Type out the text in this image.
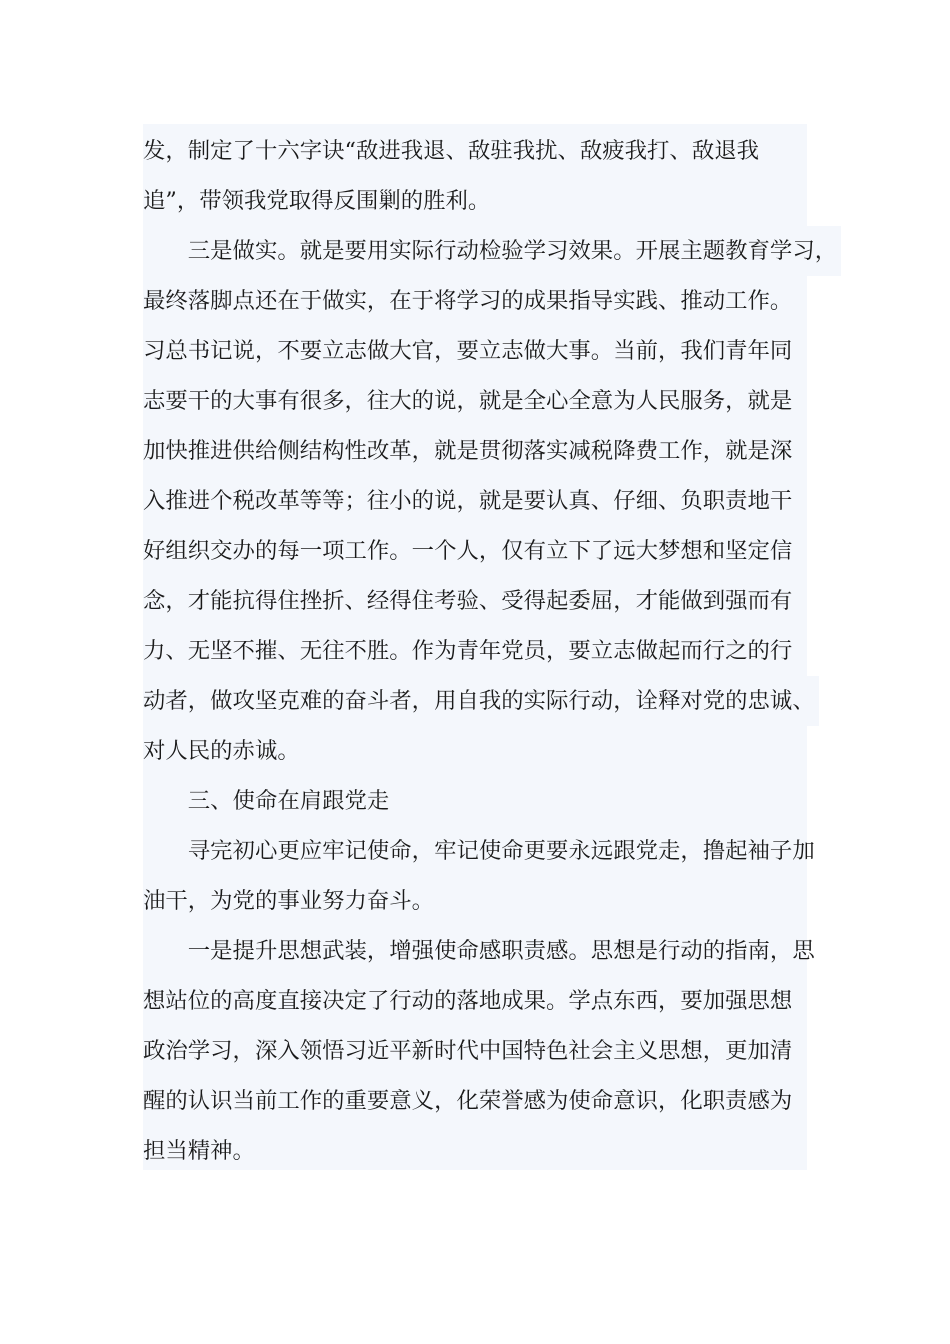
发，制定了十六字诀“敌进我退、敌驻我扰、敌疲我打、敌退我
追”，带领我党取得反围剿的胜利。
　　三是做实。就是要用实际行动检验学习效果。开展主题教育学习，
最终落脚点还在于做实，在于将学习的成果指导实践、推动工作。
习总书记说，不要立志做大官，要立志做大事。当前，我们青年同
志要干的大事有很多，往大的说，就是全心全意为人民服务，就是
加快推进供给侧结构性改革，就是贯彻落实减税降费工作，就是深
入推进个税改革等等；往小的说，就是要认真、仔细、负职责地干
好组织交办的每一项工作。一个人，仅有立下了远大梦想和坚定信
念，才能抗得住挫折、经得住考验、受得起委屈，才能做到强而有
力、无坚不摧、无往不胜。作为青年党员，要立志做起而行之的行
动者，做攻坚克难的奋斗者，用自我的实际行动，诠释对党的忠诚、
对人民的赤诚。
　　三、使命在肩跟党走
　　寻完初心更应牢记使命，牢记使命更要永远跟党走，撸起袖子加
油干，为党的事业努力奋斗。
　　一是提升思想武装，增强使命感职责感。思想是行动的指南，思
想站位的高度直接决定了行动的落地成果。学点东西，要加强思想
政治学习，深入领悟习近平新时代中国特色社会主义思想，更加清
醒的认识当前工作的重要意义，化荣誉感为使命意识，化职责感为
担当精神。
